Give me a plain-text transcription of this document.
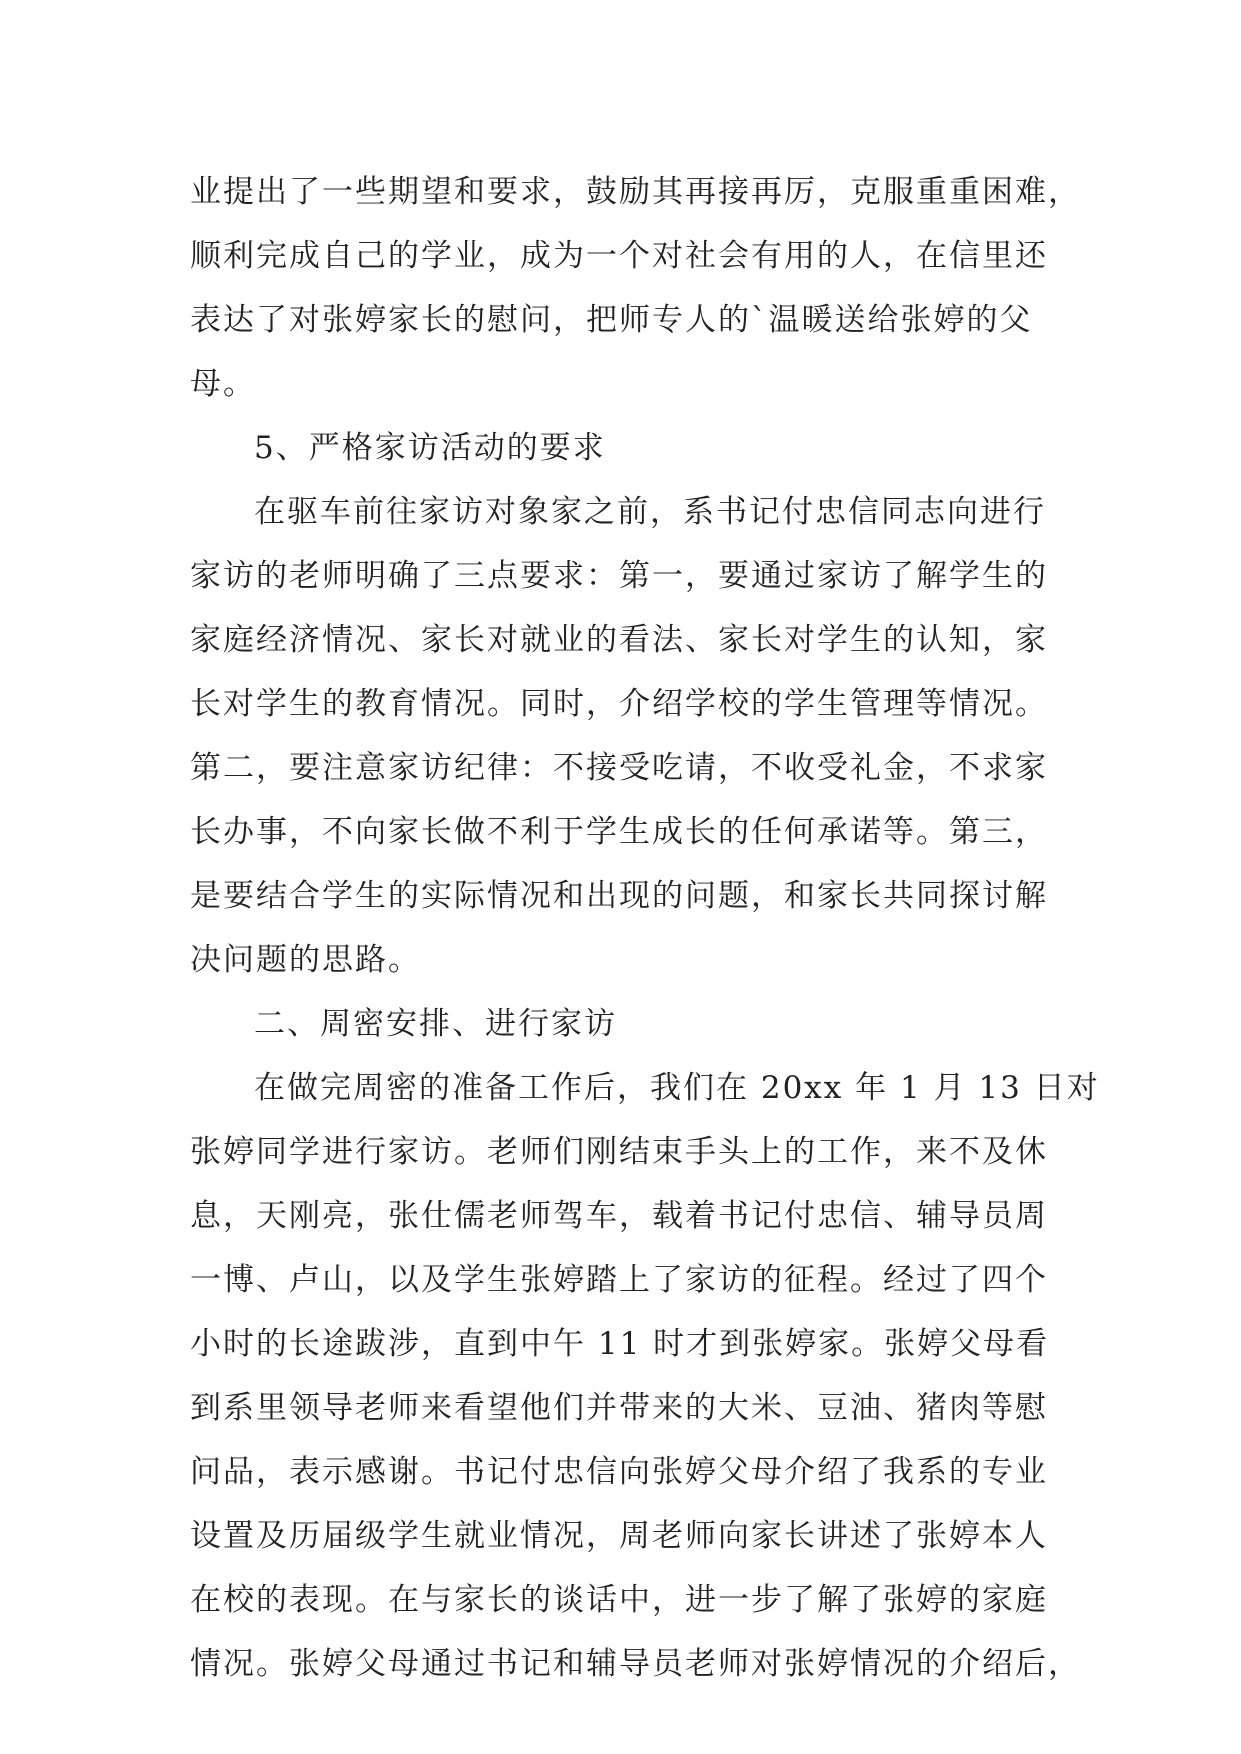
业提出了一些期望和要求，鼓励其再接再厉，克服重重困难，
顺利完成自己的学业，成为一个对社会有用的人，在信里还
表达了对张婷家长的慰问，把师专人的`温暖送给张婷的父
母。
5、严格家访活动的要求
在驱车前往家访对象家之前，系书记付忠信同志向进行
家访的老师明确了三点要求：第一，要通过家访了解学生的
家庭经济情况、家长对就业的看法、家长对学生的认知，家
长对学生的教育情况。同时，介绍学校的学生管理等情况。
第二，要注意家访纪律：不接受吃请，不收受礼金，不求家
长办事，不向家长做不利于学生成长的任何承诺等。第三，
是要结合学生的实际情况和出现的问题，和家长共同探讨解
决问题的思路。
二、周密安排、进行家访
在做完周密的准备工作后，我们在 20xx 年 1 月 13 日对
张婷同学进行家访。老师们刚结束手头上的工作，来不及休
息，天刚亮，张仕儒老师驾车，载着书记付忠信、辅导员周
一博、卢山，以及学生张婷踏上了家访的征程。经过了四个
小时的长途跋涉，直到中午 11 时才到张婷家。张婷父母看
到系里领导老师来看望他们并带来的大米、豆油、猪肉等慰
问品，表示感谢。书记付忠信向张婷父母介绍了我系的专业
设置及历届级学生就业情况，周老师向家长讲述了张婷本人
在校的表现。在与家长的谈话中，进一步了解了张婷的家庭
情况。张婷父母通过书记和辅导员老师对张婷情况的介绍后，
